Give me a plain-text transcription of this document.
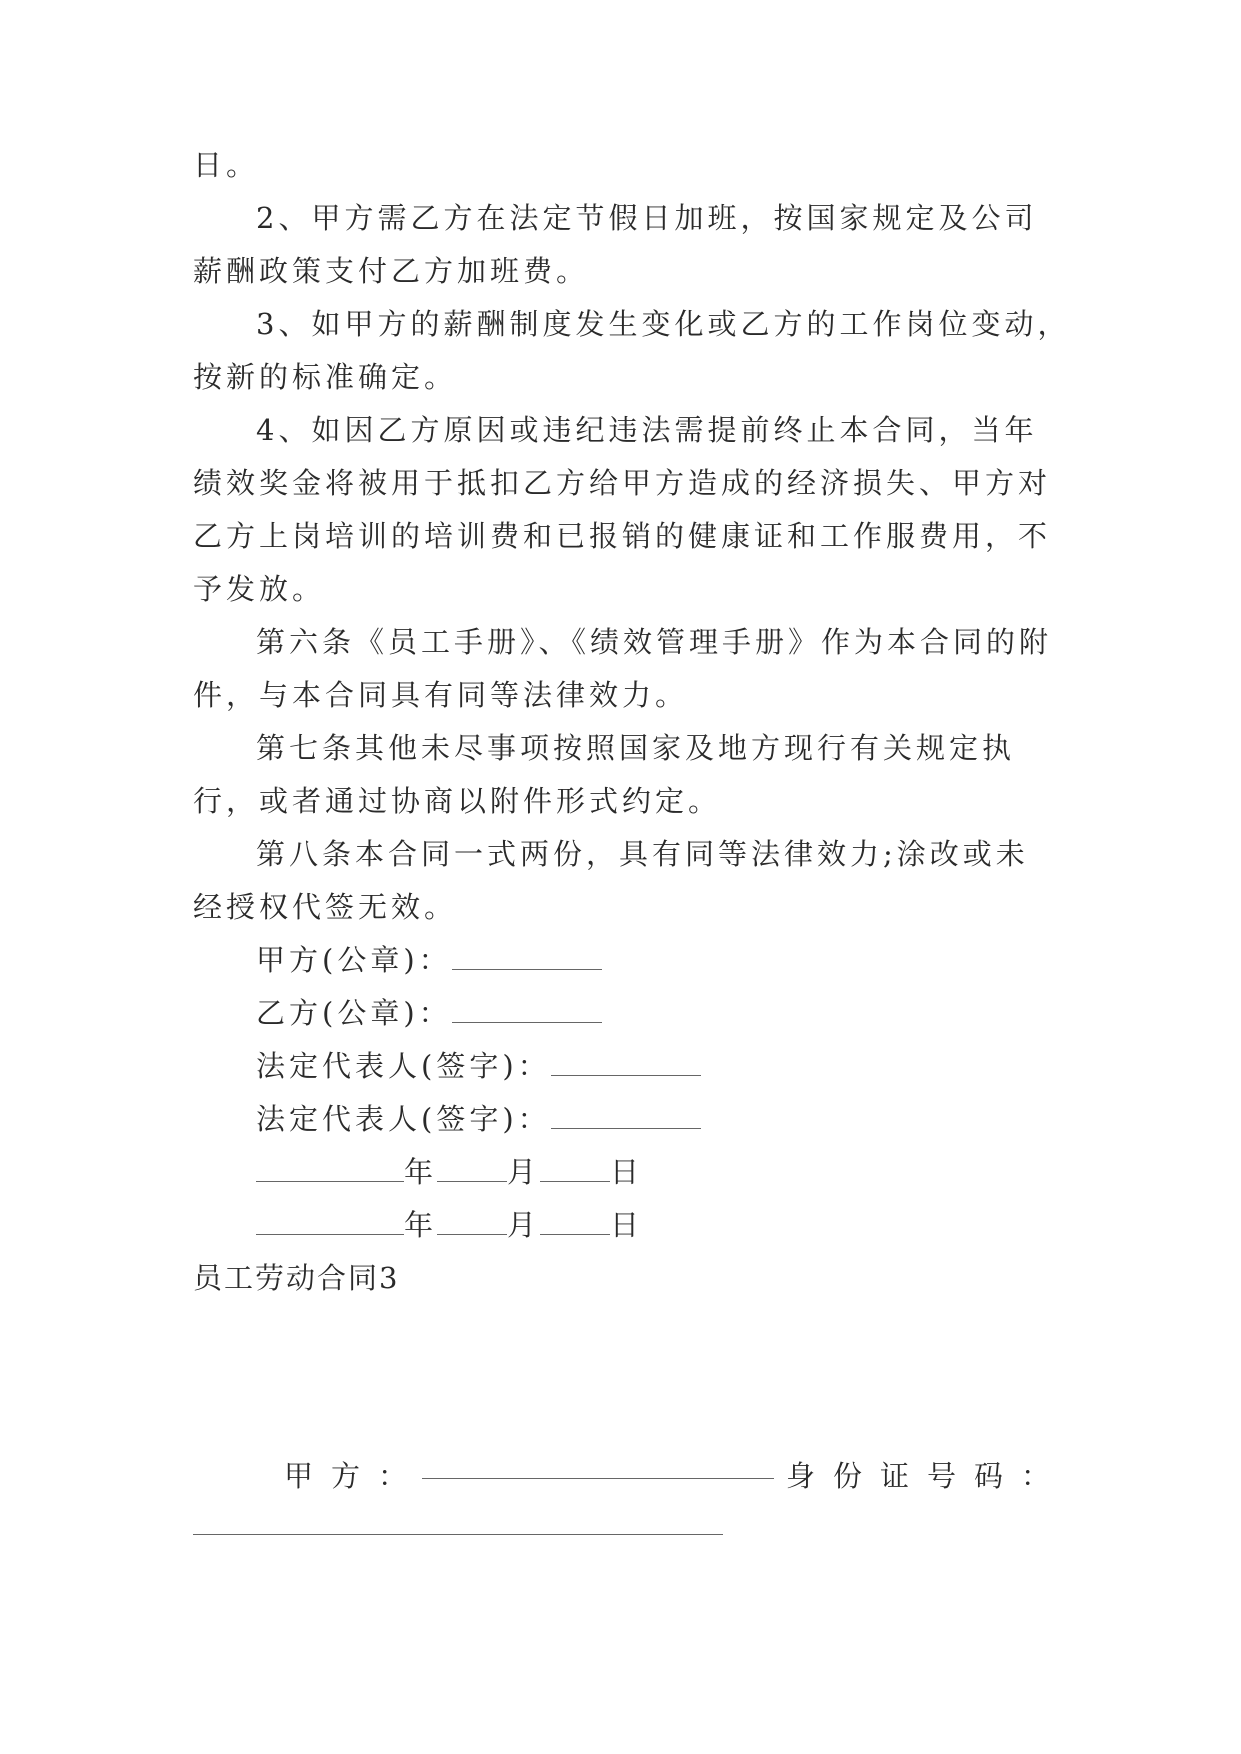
日。
2、甲方需乙方在法定节假日加班，按国家规定及公司
薪酬政策支付乙方加班费。
3、如甲方的薪酬制度发生变化或乙方的工作岗位变动，
按新的标准确定。
4、如因乙方原因或违纪违法需提前终止本合同，当年
绩效奖金将被用于抵扣乙方给甲方造成的经济损失、甲方对
乙方上岗培训的培训费和已报销的健康证和工作服费用，不
予发放。
第六条《员工手册》、《绩效管理手册》作为本合同的附
件，与本合同具有同等法律效力。
第七条其他未尽事项按照国家及地方现行有关规定执
行，或者通过协商以附件形式约定。
第八条本合同一式两份，具有同等法律效力;涂改或未
经授权代签无效。
甲方(公章)：
乙方(公章)：
法定代表人(签字)：
法定代表人(签字)：
年 月 日
年 月 日
员工劳动合同3
甲方：	身份证号码：
